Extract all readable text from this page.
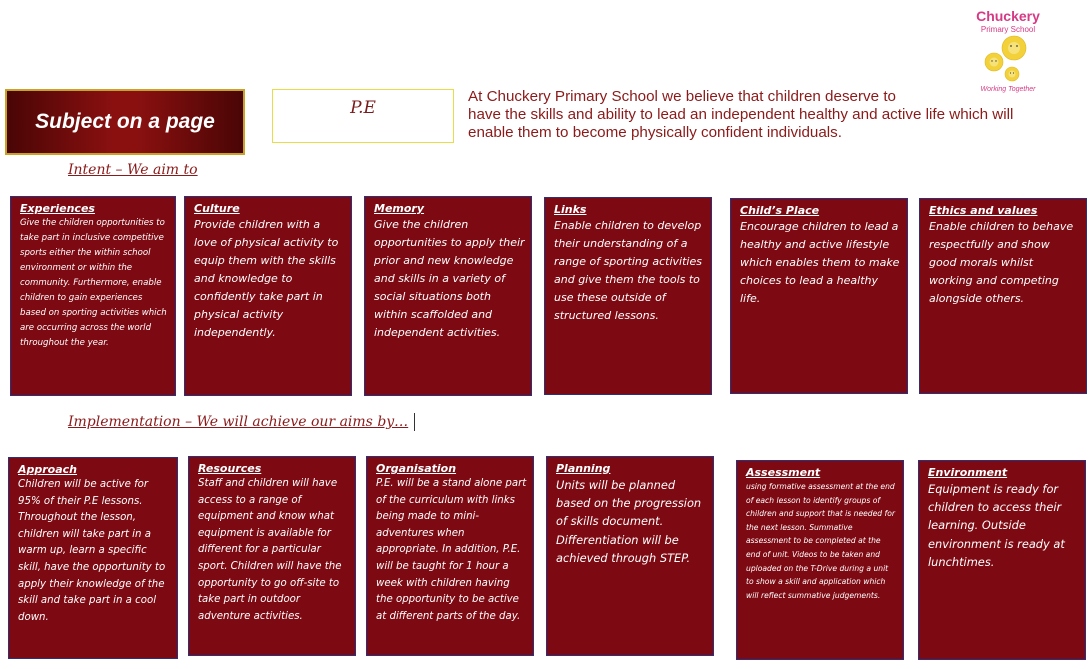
Subject on a page
P.E
At Chuckery Primary School we believe that children deserve to
have the skills and ability to lead an independent healthy and active life which will
enable them to become physically confident individuals.
Chuckery
Primary School
Working Together
Intent – We aim to
Experiences
Give the children opportunities to take part in inclusive competitive sports either the within school environment or within the community. Furthermore, enable children to gain experiences based on sporting activities which are occurring across the world throughout the year.
Culture
Provide children with a love of physical activity to equip them with the skills and knowledge to confidently take part in physical activity independently.
Memory
Give the children opportunities to apply their prior and new knowledge and skills in a variety of social situations both within scaffolded and independent activities.
Links
Enable children to develop their understanding of a range of sporting activities and give them the tools to use these outside of structured lessons.
Child’s Place
Encourage children to lead a healthy and active lifestyle which enables them to make choices to lead a healthy life.
Ethics and values
Enable children to behave respectfully and show good morals whilst working and competing alongside others.
Implementation – We will achieve our aims by…
Approach
Children will be active for 95% of their P.E lessons. Throughout the lesson, children will take part in a warm up, learn a specific skill, have the opportunity to apply their knowledge of the skill and take part in a cool down.
Resources
Staff and children will have access to a range of equipment and know what equipment is available for different for a particular sport. Children will have the opportunity to go off-site to take part in outdoor adventure activities.
Organisation
P.E. will be a stand alone part of the curriculum with links being made to mini-adventures when appropriate. In addition, P.E. will be taught for 1 hour a week with children having the opportunity to be active at different parts of the day.
Planning
Units will be planned based on the progression of skills document. Differentiation will be achieved through STEP.
Assessment
using formative assessment at the end of each lesson to identify groups of children and support that is needed for the next lesson. Summative assessment to be completed at the end of unit. Videos to be taken and uploaded on the T-Drive during a unit to show a skill and application which will reflect summative judgements.
Environment
Equipment is ready for children to access their learning. Outside environment is ready at lunchtimes.
